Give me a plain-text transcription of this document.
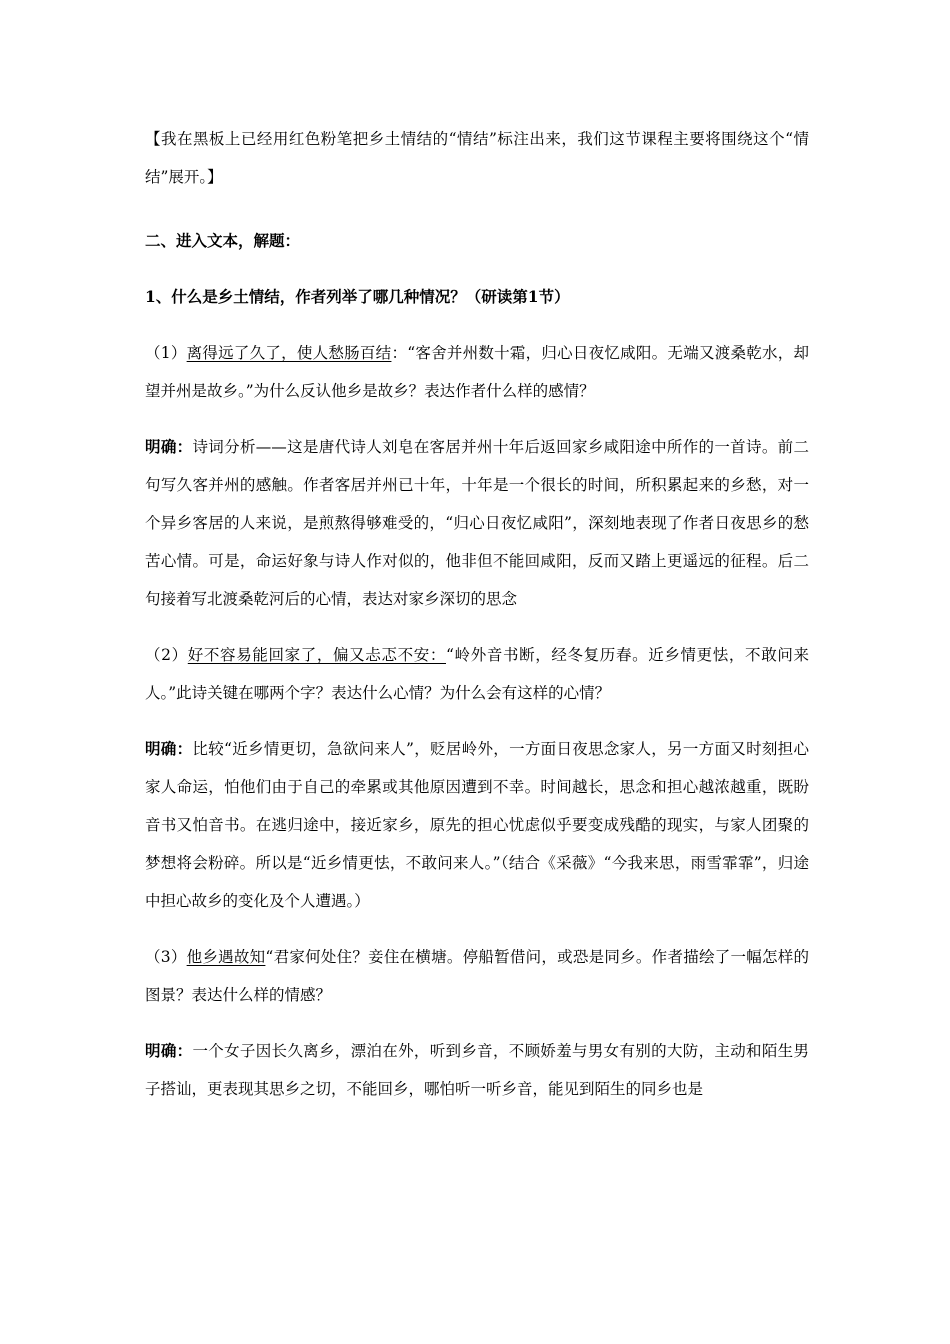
【我在黑板上已经用红色粉笔把乡土情结的“情结”标注出来，我们这节课程主要将围绕这个“情结”展开。】

二、进入文本，解题：

1、什么是乡土情结，作者列举了哪几种情况？（研读第1节）

（1）离得远了久了，使人愁肠百结：“客舍并州数十霜，归心日夜忆咸阳。无端又渡桑乾水，却望并州是故乡。”为什么反认他乡是故乡？表达作者什么样的感情？

明确：诗词分析——这是唐代诗人刘皂在客居并州十年后返回家乡咸阳途中所作的一首诗。前二句写久客并州的感触。作者客居并州已十年，十年是一个很长的时间，所积累起来的乡愁，对一个异乡客居的人来说，是煎熬得够难受的，“归心日夜忆咸阳”，深刻地表现了作者日夜思乡的愁苦心情。可是，命运好象与诗人作对似的，他非但不能回咸阳，反而又踏上更遥远的征程。后二句接着写北渡桑乾河后的心情，表达对家乡深切的思念

（2）好不容易能回家了，偏又忐忑不安：“岭外音书断，经冬复历春。近乡情更怯，不敢问来人。”此诗关键在哪两个字？表达什么心情？为什么会有这样的心情？

明确：比较“近乡情更切，急欲问来人”，贬居岭外，一方面日夜思念家人，另一方面又时刻担心家人命运，怕他们由于自己的牵累或其他原因遭到不幸。时间越长，思念和担心越浓越重，既盼音书又怕音书。在逃归途中，接近家乡，原先的担心忧虑似乎要变成残酷的现实，与家人团聚的梦想将会粉碎。所以是“近乡情更怯，不敢问来人。”（结合《采薇》“今我来思，雨雪霏霏”，归途中担心故乡的变化及个人遭遇。）

（3）他乡遇故知“君家何处住？妾住在横塘。停船暂借问，或恐是同乡。作者描绘了一幅怎样的图景？表达什么样的情感？

明确：一个女子因长久离乡，漂泊在外，听到乡音，不顾娇羞与男女有别的大防，主动和陌生男子搭讪，更表现其思乡之切，不能回乡，哪怕听一听乡音，能见到陌生的同乡也是
